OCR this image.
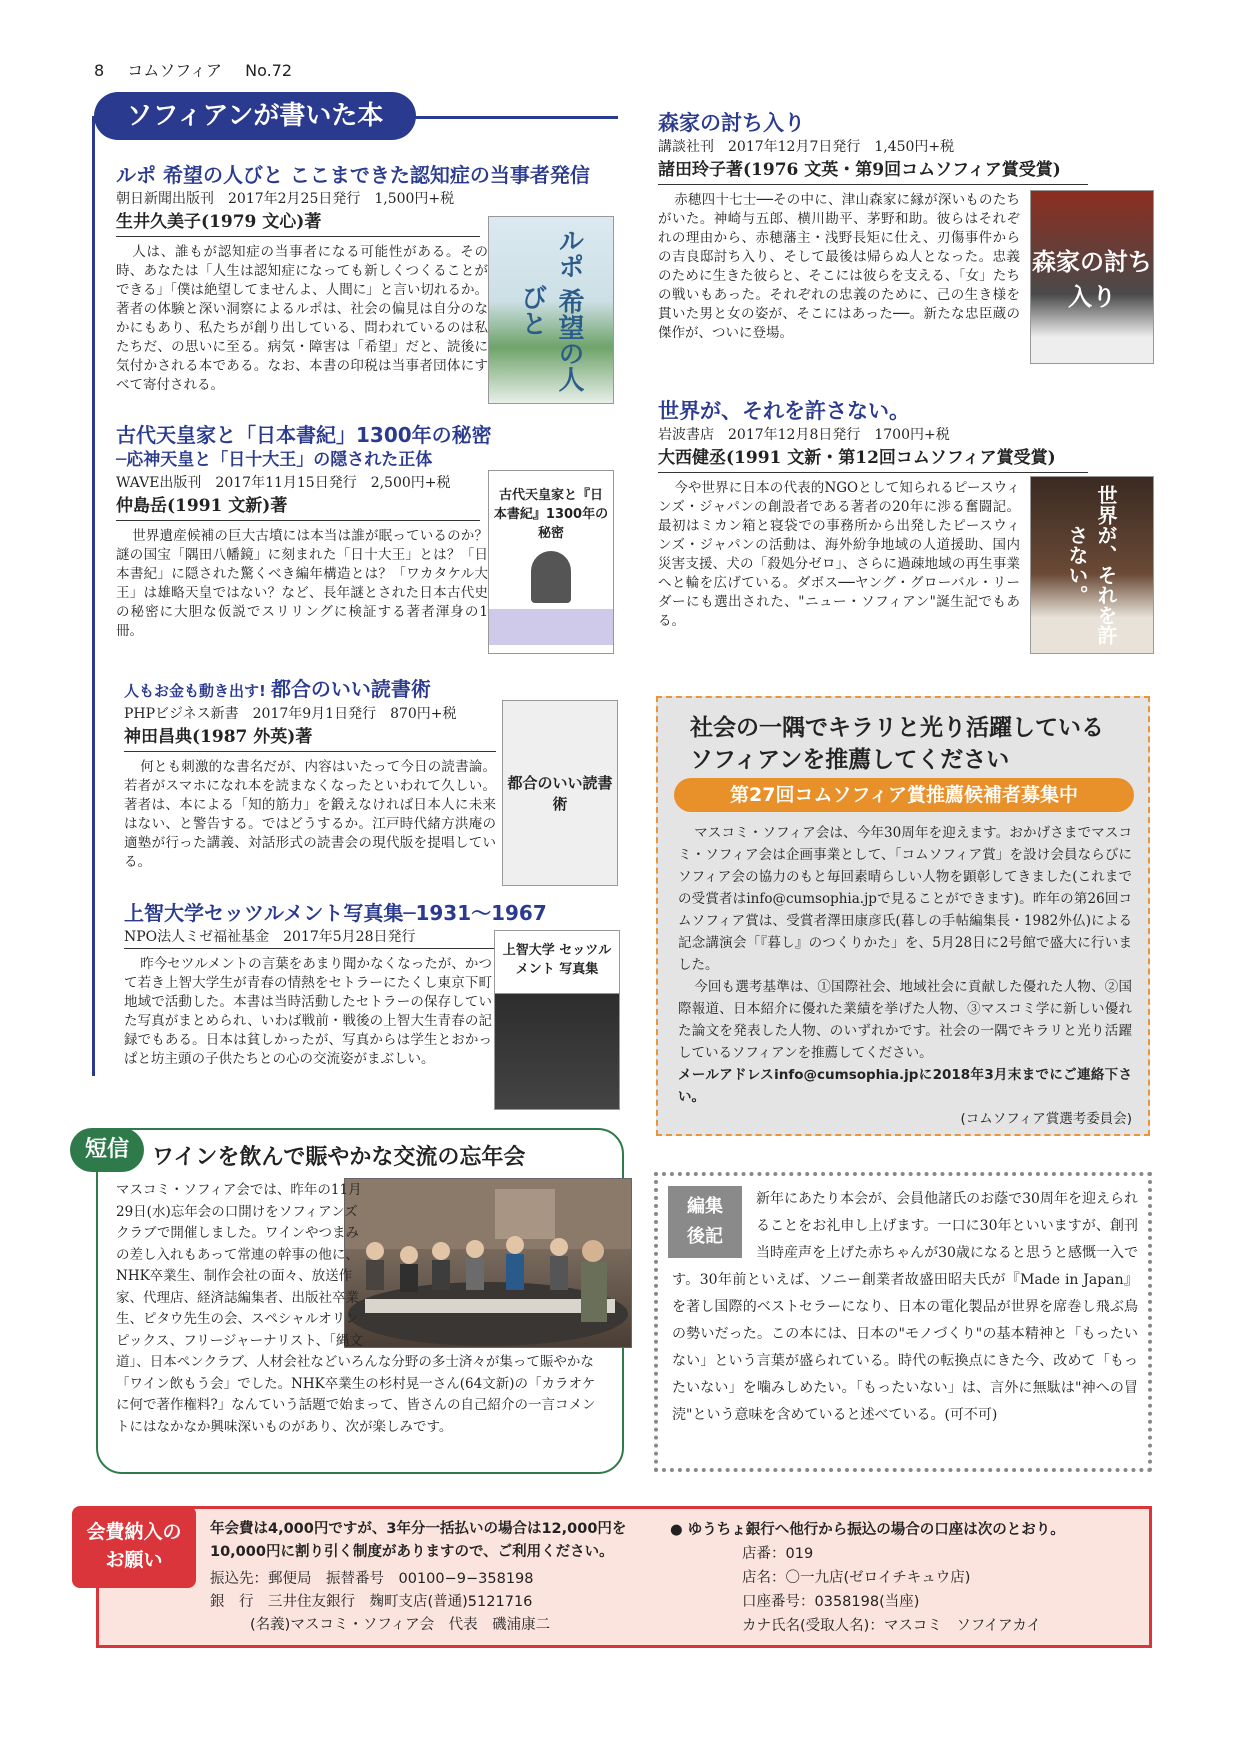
8 コムソフィア No.72
ソフィアンが書いた本
ルポ 希望の人びと ここまできた認知症の当事者発信
朝日新聞出版刊　2017年2月25日発行　1,500円+税
生井久美子(1979 文心)著
人は、誰もが認知症の当事者になる可能性がある。その時、あなたは「人生は認知症になっても新しくつくることができる」「僕は絶望してませんよ、人間に」と言い切れるか。著者の体験と深い洞察によるルポは、社会の偏見は自分のなかにもあり、私たちが創り出している、問われているのは私たちだ、の思いに至る。病気・障害は「希望」だと、読後に気付かされる本である。なお、本書の印税は当事者団体にすべて寄付される。	ルポ 希望の人びと
古代天皇家と「日本書紀」1300年の秘密
─応神天皇と「日十大王」の隠された正体
WAVE出版刊　2017年11月15日発行　2,500円+税
仲島岳(1991 文新)著
世界遺産候補の巨大古墳には本当は誰が眠っているのか？謎の国宝「隅田八幡鏡」に刻まれた「日十大王」とは？「日本書紀」に隠された驚くべき編年構造とは？「ワカタケル大王」は雄略天皇ではない？など、長年謎とされた日本古代史の秘密に大胆な仮説でスリリングに検証する著者渾身の1冊。
古代天皇家と『日本書紀』1300年の秘密
人もお金も動き出す! 都合のいい読書術
PHPビジネス新書　2017年9月1日発行　870円+税
神田昌典(1987 外英)著
何とも刺激的な書名だが、内容はいたって今日の読書論。若者がスマホになれ本を読まなくなったといわれて久しい。著者は、本による「知的筋力」を鍛えなければ日本人に未来はない、と警告する。ではどうするか。江戸時代緒方洪庵の適塾が行った講義、対話形式の読書会の現代版を提唱している。
都合のいい読書術
上智大学セッツルメント写真集─1931〜1967
NPO法人ミゼ福祉基金　2017年5月28日発行
昨今セツルメントの言葉をあまり聞かなくなったが、かつて若き上智大学生が青春の情熱をセトラーにたくし東京下町地域で活動した。本書は当時活動したセトラーの保存していた写真がまとめられ、いわば戦前・戦後の上智大生青春の記録でもある。日本は貧しかったが、写真からは学生とおかっぱと坊主頭の子供たちとの心の交流姿がまぶしい。
上智大学 セッツルメント 写真集
森家の討ち入り
講談社刊　2017年12月7日発行　1,450円+税
諸田玲子著(1976 文英・第9回コムソフィア賞受賞)
赤穂四十七士──その中に、津山森家に縁が深いものたちがいた。神崎与五郎、横川勘平、茅野和助。彼らはそれぞれの理由から、赤穂藩主・浅野長矩に仕え、刃傷事件からの吉良邸討ち入り、そして最後は帰らぬ人となった。忠義のために生きた彼らと、そこには彼らを支える、「女」たちの戦いもあった。それぞれの忠義のために、己の生き様を貫いた男と女の姿が、そこにはあった──。新たな忠臣蔵の傑作が、ついに登場。
森家の討ち入り
世界が、それを許さない。
岩波書店　2017年12月8日発行　1700円+税
大西健丞(1991 文新・第12回コムソフィア賞受賞)
今や世界に日本の代表的NGOとして知られるピースウィンズ・ジャパンの創設者である著者の20年に渉る奮闘記。最初はミカン箱と寝袋での事務所から出発したピースウィンズ・ジャパンの活動は、海外紛争地域の人道援助、国内災害支援、犬の「殺処分ゼロ」、さらに過疎地域の再生事業へと輪を広げている。ダボス──ヤング・グローバル・リーダーにも選出された、"ニュー・ソフィアン"誕生記でもある。	世界が、それを許さない。
社会の一隅でキラリと光り活躍している
ソフィアンを推薦してください
第27回コムソフィア賞推薦候補者募集中

マスコミ・ソフィア会は、今年30周年を迎えます。おかげさまでマスコミ・ソフィア会は企画事業として、「コムソフィア賞」を設け会員ならびにソフィア会の協力のもと毎回素晴らしい人物を顕彰してきました(これまでの受賞者はinfo@cumsophia.jpで見ることができます)。昨年の第26回コムソフィア賞は、受賞者澤田康彦氏(暮しの手帖編集長・1982外仏)による記念講演会「『暮し』のつくりかた」を、5月28日に2号館で盛大に行いました。

今回も選考基準は、①国際社会、地域社会に貢献した優れた人物、②国際報道、日本紹介に優れた業績を挙げた人物、③マスコミ学に新しい優れた論文を発表した人物、のいずれかです。社会の一隅でキラリと光り活躍しているソフィアンを推薦してください。

メールアドレスinfo@cumsophia.jpに2018年3月末までにご連絡下さい。

(コムソフィア賞選考委員会)

短信	ワインを飲んで賑やかな交流の忘年会
マスコミ・ソフィア会では、昨年の11月29日(水)忘年会の口開けをソフィアンズクラブで開催しました。ワインやつまみの差し入れもあって常連の幹事の他に、NHK卒業生、制作会社の面々、放送作家、代理店、経済誌編集者、出版社卒業生、ピタウ先生の会、スペシャルオリンピックス、フリージャーナリスト、「縄文道」、日本ペンクラブ、人材会社などいろんな分野の多士済々が集って賑やかな「ワイン飲もう会」でした。NHK卒業生の杉村晃一さん(64文新)の「カラオケに何で著作権料?」なんていう話題で始まって、皆さんの自己紹介の一言コメントにはなかなか興味深いものがあり、次が楽しみです。
新年にあたり本会が、会員他諸氏のお蔭で30周年を迎えられることをお礼申し上げます。一口に30年といいますが、創刊当時産声を上げた赤ちゃんが30歳になると思うと感慨一入です。30年前といえば、ソニー創業者故盛田昭夫氏が『Made in Japan』を著し国際的ベストセラーになり、日本の電化製品が世界を席巻し飛ぶ鳥の勢いだった。この本には、日本の"モノづくり"の基本精神と「もったいない」という言葉が盛られている。時代の転換点にきた今、改めて「もったいない」を噛みしめたい。「もったいない」は、言外に無駄は"神への冒涜"という意味を含めていると述べている。(可不可)
編集
後記
会費納入の
お願い
年会費は4,000円ですが、3年分一括払いの場合は12,000円を10,000円に割り引く制度がありますので、ご利用ください。
振込先：郵便局　振替番号　00100−9−358198
銀　行　三井住友銀行　麹町支店(普通)5121716
(名義)マスコミ・ソフィア会　代表　磯浦康二
● ゆうちょ銀行へ他行から振込の場合の口座は次のとおり。
店番：019
店名：〇一九店(ゼロイチキュウ店)
口座番号：0358198(当座)
カナ氏名(受取人名)：マスコミ　ソフイアカイ
